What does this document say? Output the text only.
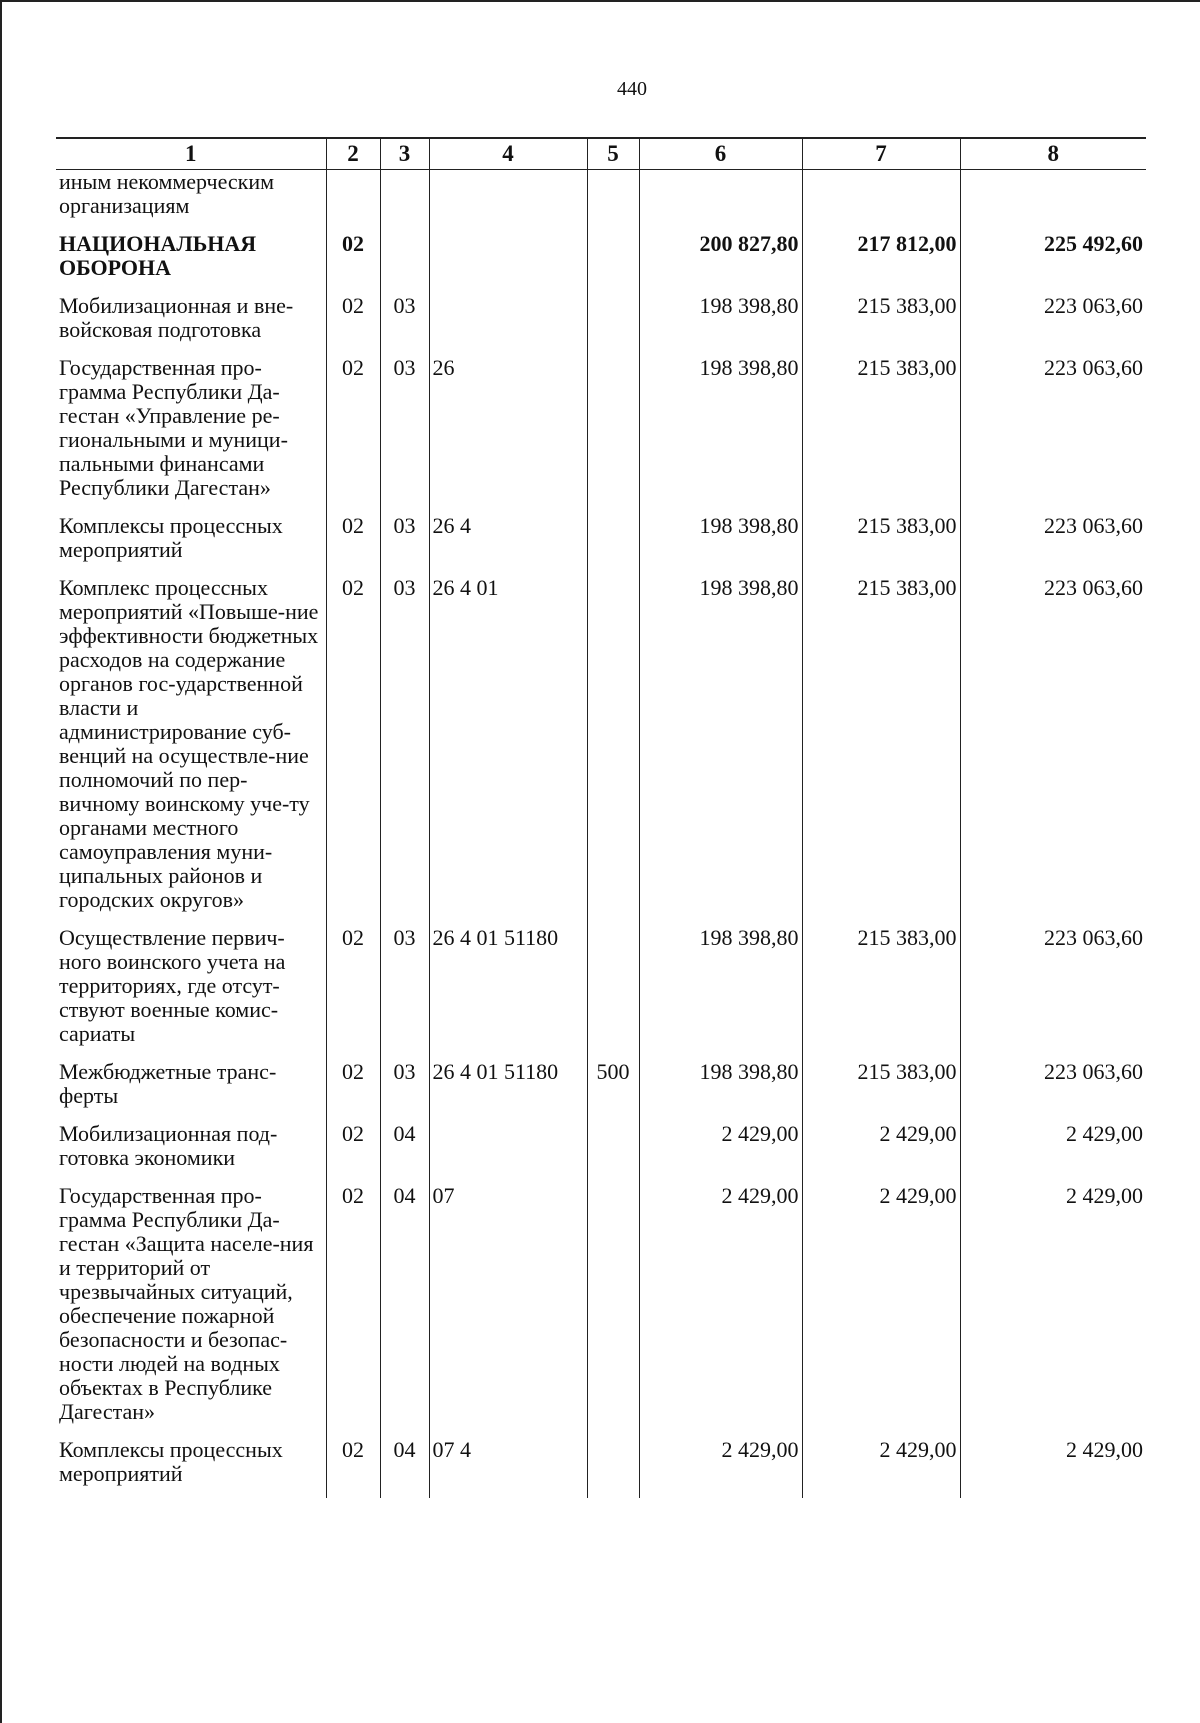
440
1	2	3	4	5	6	7	8
иным некоммерческим организациям							
НАЦИОНАЛЬНАЯ ОБОРОНА	02				200 827,80	217 812,00	225 492,60
Мобилизационная и вне-войсковая подготовка	02	03			198 398,80	215 383,00	223 063,60
Государственная про-грамма Республики Да-гестан «Управление ре-гиональными и муници-пальными финансами Республики Дагестан»	02	03	26		198 398,80	215 383,00	223 063,60
Комплексы процессных мероприятий	02	03	26 4		198 398,80	215 383,00	223 063,60
Комплекс процессных мероприятий «Повыше-ние эффективности бюджетных расходов на содержание органов гос-ударственной власти и администрирование суб-венций на осуществле-ние полномочий по пер-вичному воинскому уче-ту органами местного самоуправления муни-ципальных районов и городских округов»	02	03	26 4 01		198 398,80	215 383,00	223 063,60
Осуществление первич-ного воинского учета на территориях, где отсут-ствуют военные комис-сариаты	02	03	26 4 01 51180		198 398,80	215 383,00	223 063,60
Межбюджетные транс-ферты	02	03	26 4 01 51180	500	198 398,80	215 383,00	223 063,60
Мобилизационная под-готовка экономики	02	04			2 429,00	2 429,00	2 429,00
Государственная про-грамма Республики Да-гестан «Защита населе-ния и территорий от чрезвычайных ситуаций, обеспечение пожарной безопасности и безопас-ности людей на водных объектах в Республике Дагестан»	02	04	07		2 429,00	2 429,00	2 429,00
Комплексы процессных мероприятий	02	04	07 4		2 429,00	2 429,00	2 429,00
